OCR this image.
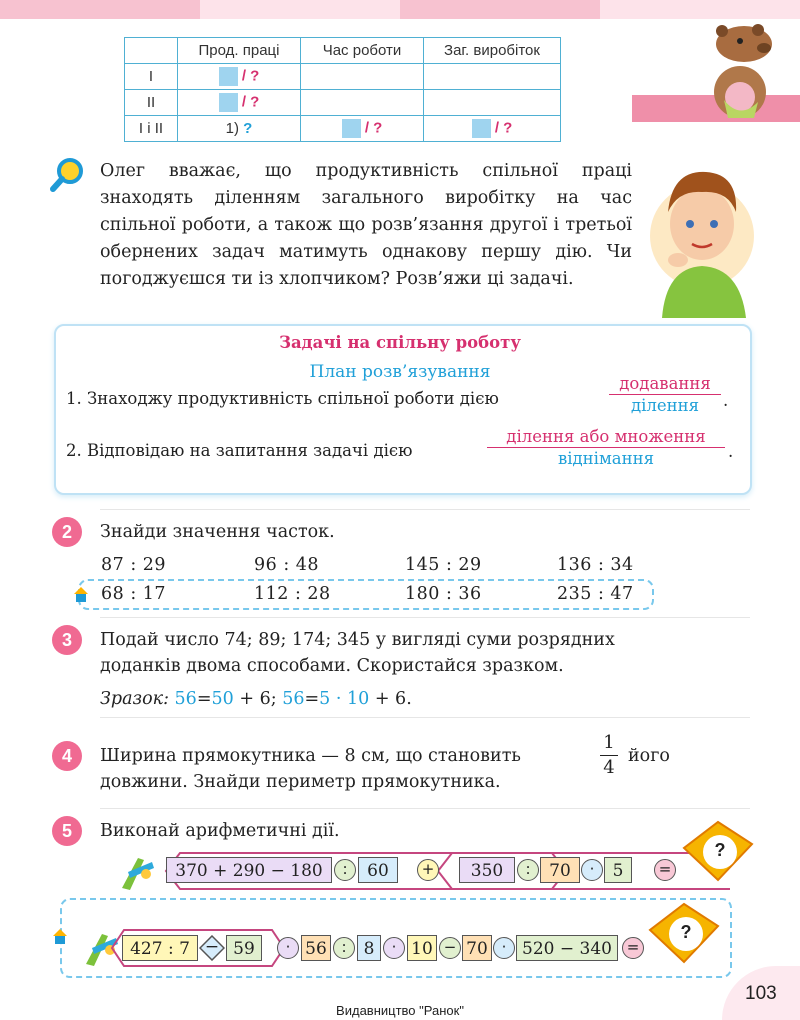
	Прод. праці	Час роботи	Заг. виробіток
I	/ ?		
II	/ ?		
I і II	1) ?	/ ?	/ ?
Олег вважає, що продуктивність спільної праці знаходять діленням загального виробітку на час спільної роботи, а також що розв’язання другої і третьої обернених задач матимуть однакову першу дію. Чи погоджуєшся ти із хлопчиком? Розв’яжи ці задачі.
Задачі на спільну роботу
План розв’язування
1. Знаходжу продуктивність спільної роботи дією
додавання
ділення	.
2. Відповідаю на запитання задачі дією
ділення або множення
віднімання	.
2	Знайди значення часток.
87 : 29	96 : 48	145 : 29	136 : 34
68 : 17	112 : 28	180 : 36	235 : 47
3	Подай число 74; 89; 174; 345 у вигляді суми розрядних доданків двома способами. Скористайся зразком.
Зразок: 56=50 + 6; 56=5 · 10 + 6.
4	Ширина прямокутника — 8 см, що становить	$\frac{1}{4}$ його
довжини. Знайди периметр прямокутника.
5	Виконай арифметичні дії.
370 + 290 − 180	:	60	+	350	:	70	·	5	=
?
427 : 7 − 59	· 56 :	8	· 10 − 70 · 520 − 340 =
?
103
Видавництво "Ранок"
